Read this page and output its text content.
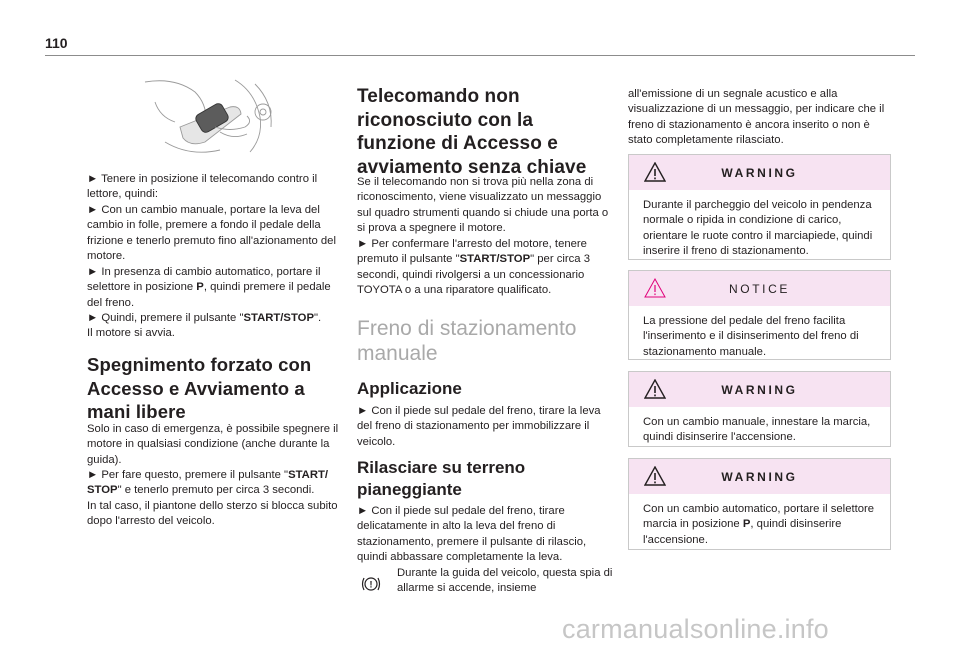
110

► Tenere in posizione il telecomando contro il lettore, quindi:

► Con un cambio manuale, portare la leva del cambio in folle, premere a fondo il pedale della frizione e tenerlo premuto fino all'azionamento del motore.

► In presenza di cambio automatico, portare il selettore in posizione P, quindi premere il pedale del freno.

► Quindi, premere il pulsante "START/STOP".
Il motore si avvia.

Spegnimento forzato con Accesso e Avviamento a mani libere

Solo in caso di emergenza, è possibile spegnere il motore in qualsiasi condizione (anche durante la guida).

► Per fare questo, premere il pulsante "START/ STOP" e tenerlo premuto per circa 3 secondi.

In tal caso, il piantone dello sterzo si blocca subito dopo l'arresto del veicolo.

Telecomando non riconosciuto con la funzione di Accesso e avviamento senza chiave

Se il telecomando non si trova più nella zona di riconoscimento, viene visualizzato un messaggio sul quadro strumenti quando si chiude una porta o si prova a spegnere il motore.

► Per confermare l'arresto del motore, tenere premuto il pulsante "START/STOP" per circa 3 secondi, quindi rivolgersi a un concessionario TOYOTA o a una riparatore qualificato.

Freno di stazionamento manuale
Applicazione

► Con il piede sul pedale del freno, tirare la leva del freno di stazionamento per immobilizzare il veicolo.

Rilasciare su terreno pianeggiante

► Con il piede sul pedale del freno, tirare delicatamente in alto la leva del freno di stazionamento, premere il pulsante di rilascio, quindi abbassare completamente la leva.

!

Durante la guida del veicolo, questa spia di allarme si accende, insieme

all'emissione di un segnale acustico e alla visualizzazione di un messaggio, per indicare che il freno di stazionamento è ancora inserito o non è stato completamente rilasciato.

WARNING

Durante il parcheggio del veicolo in pendenza normale o ripida in condizione di carico, orientare le ruote contro il marciapiede, quindi inserire il freno di stazionamento.

NOTICE

La pressione del pedale del freno facilita l'inserimento e il disinserimento del freno di stazionamento manuale.

WARNING

Con un cambio manuale, innestare la marcia, quindi disinserire l'accensione.

WARNING

Con un cambio automatico, portare il selettore marcia in posizione P, quindi disinserire l'accensione.

carmanualsonline.info
